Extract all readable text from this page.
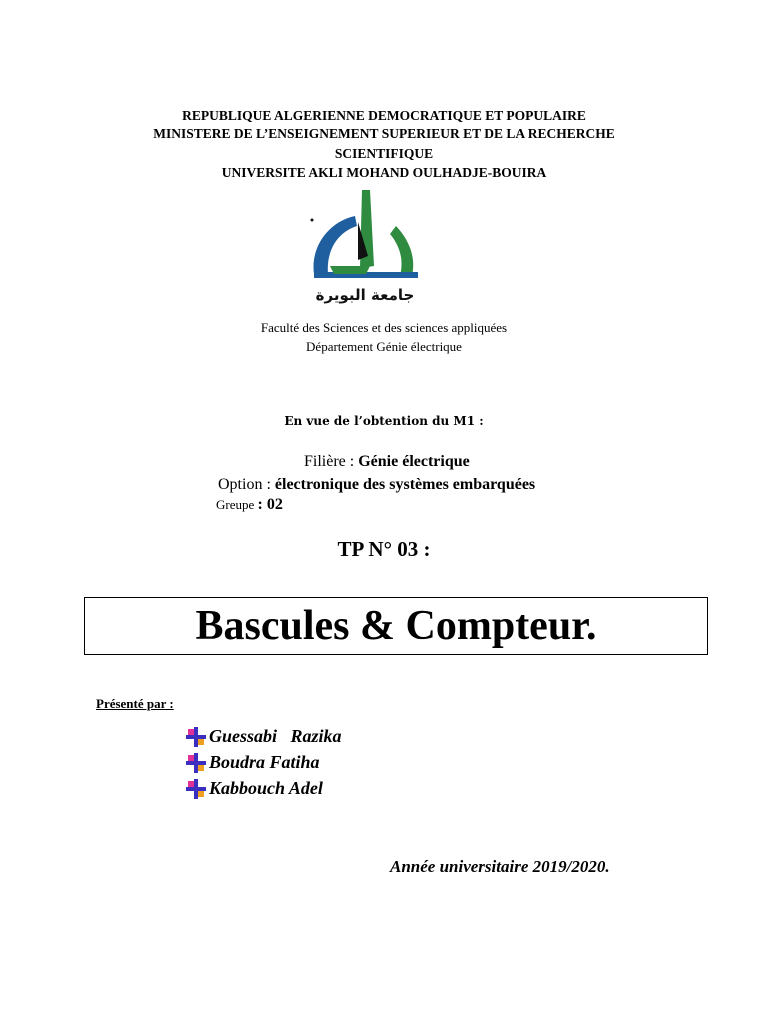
REPUBLIQUE ALGERIENNE DEMOCRATIQUE ET POPULAIRE
MINISTERE DE L’ENSEIGNEMENT SUPERIEUR ET DE LA RECHERCHE
SCIENTIFIQUE
UNIVERSITE AKLI MOHAND OULHADJE-BOUIRA
جامعة البويرة
Faculté des Sciences et des sciences appliquées
Département Génie électrique
En vue de l’obtention du M1 :
Filière : Génie électrique
Option : électronique des systèmes embarquées
Greupe : 02
TP N° 03 :
Bascules & Compteur.
Présenté par :
Guessabi   Razika
Boudra Fatiha
Kabbouch Adel
Année universitaire 2019/2020.
